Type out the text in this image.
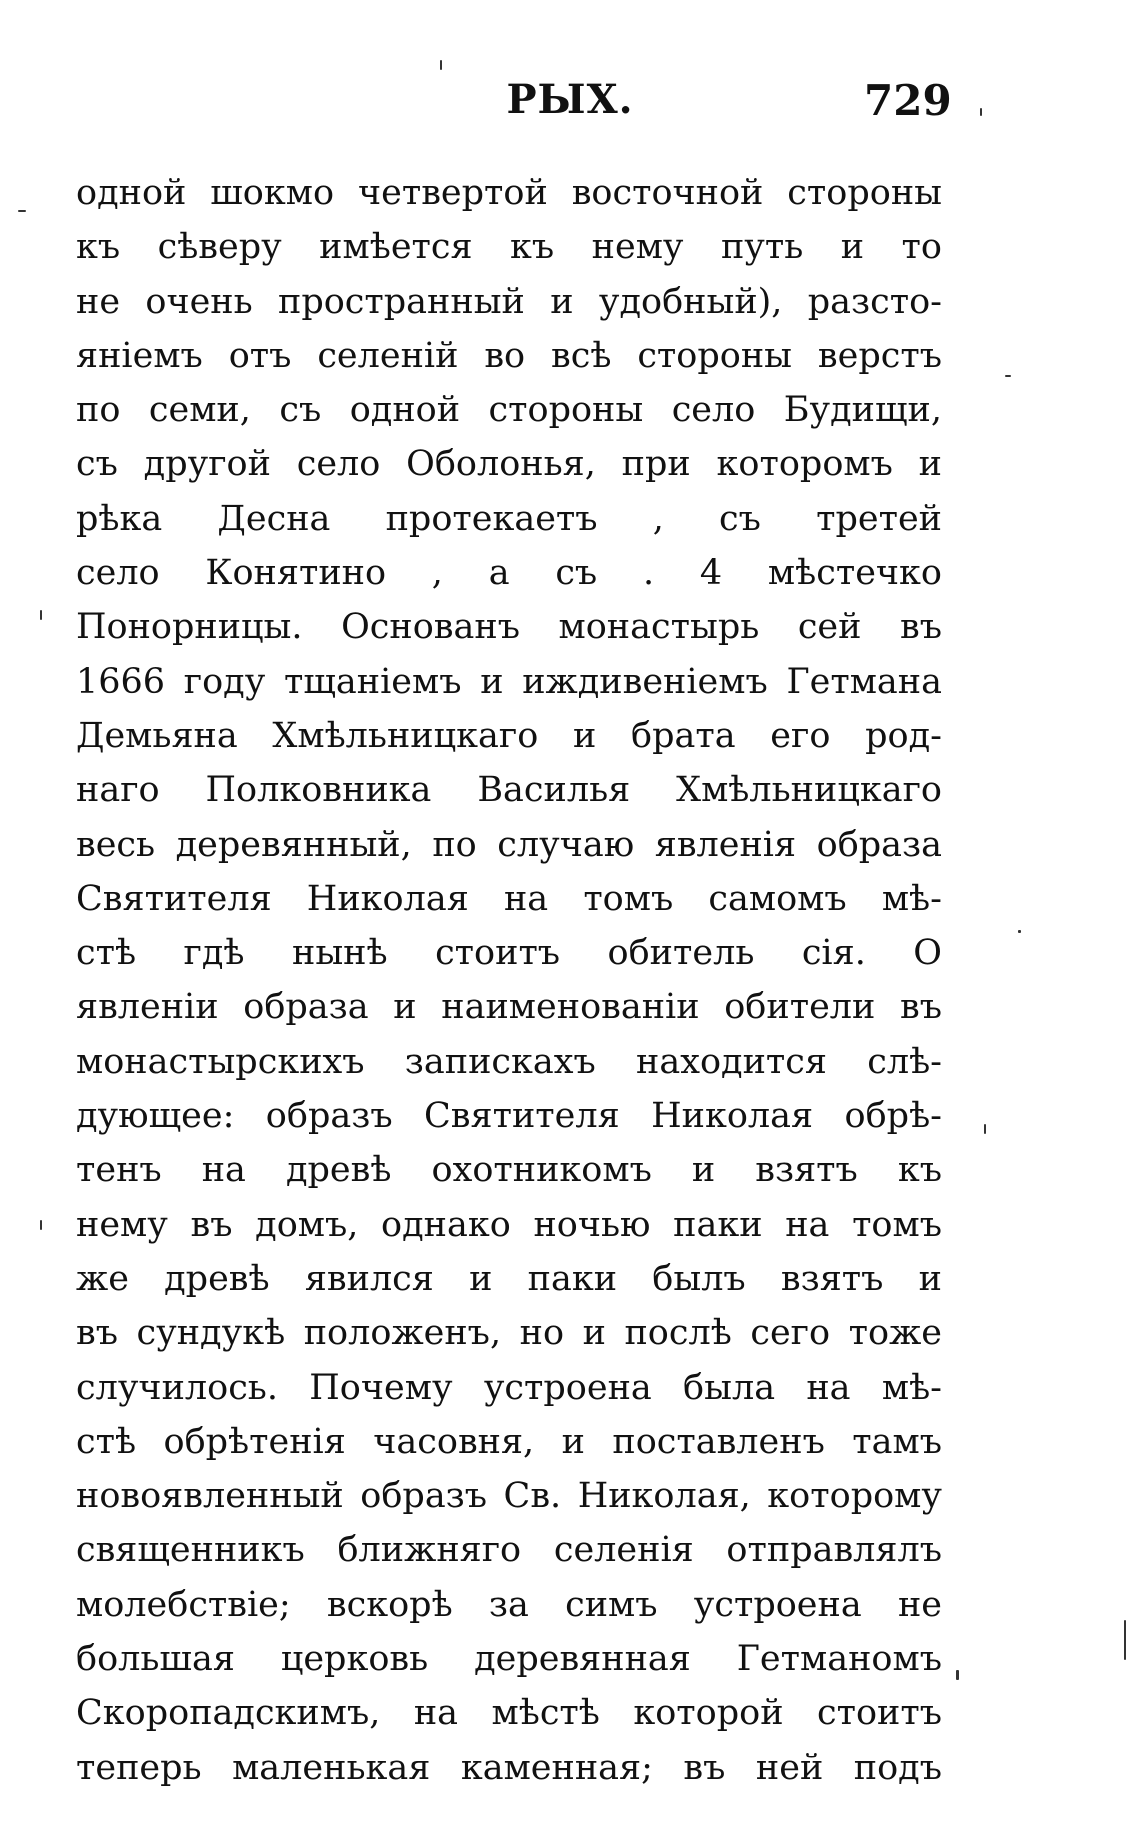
РЫХ.	729
одной шокмо четвертой восточной стороны
къ сѣверу имѣется къ нему путь и то
не очень пространный и удобный), разсто-
яніемъ отъ селеній во всѣ стороны верстъ
по семи, съ одной стороны село Будищи,
съ другой село Оболонья, при которомъ и
рѣка Десна протекаетъ , съ третей
село Конятино , а съ . 4 мѣстечко
Понорницы. Основанъ монастырь сей въ
1666 году тщаніемъ и иждивеніемъ Гетмана
Демьяна Хмѣльницкаго и брата его род-
наго Полковника Василья Хмѣльницкаго
весь деревянный, по случаю явленія образа
Святителя Николая на томъ самомъ мѣ-
стѣ гдѣ нынѣ стоитъ обитель сія. О
явленіи образа и наименованіи обители въ
монастырскихъ запискахъ находится слѣ-
дующее: образъ Святителя Николая обрѣ-
тенъ на древѣ охотникомъ и взятъ къ
нему въ домъ, однако ночью паки на томъ
же древѣ явился и паки былъ взятъ и
въ сундукѣ положенъ, но и послѣ сего тоже
случилось. Почему устроена была на мѣ-
стѣ обрѣтенія часовня, и поставленъ тамъ
новоявленный образъ Св. Николая, которому
священникъ ближняго селенія отправлялъ
молебствіе; вскорѣ за симъ устроена не
большая церковь деревянная Гетманомъ
Скоропадскимъ, на мѣстѣ которой стоитъ
теперь маленькая каменная; въ ней подъ
